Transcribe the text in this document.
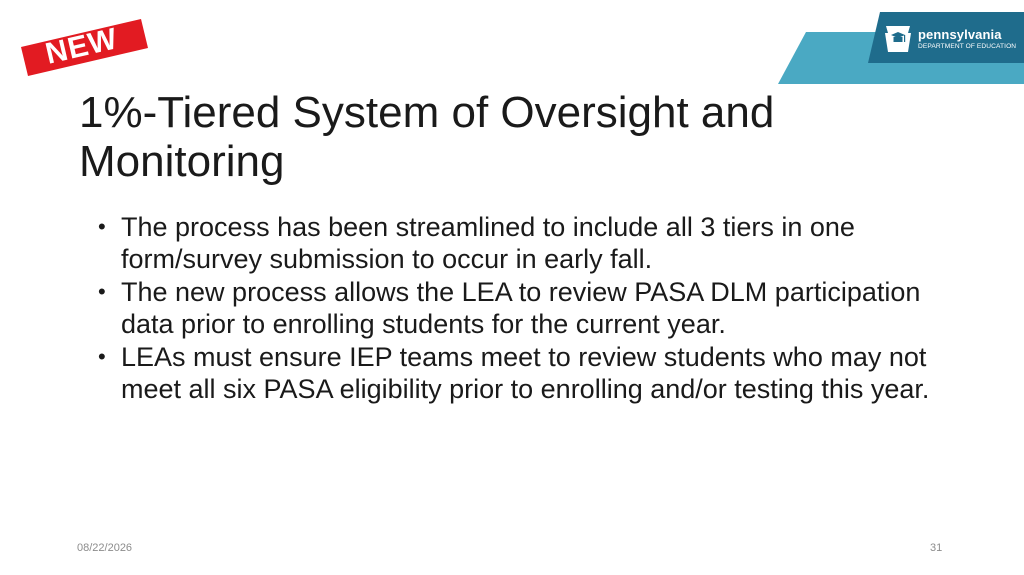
NEW	pennsylvania
DEPARTMENT OF EDUCATION
1%-Tiered System of Oversight and Monitoring
• The process has been streamlined to include all 3 tiers in one form/survey submission to occur in early fall.
• The new process allows the LEA to review PASA DLM participation data prior to enrolling students for the current year.
• LEAs must ensure IEP teams meet to review students who may not meet all six PASA eligibility prior to enrolling and/or testing this year.
08/22/2026	31
